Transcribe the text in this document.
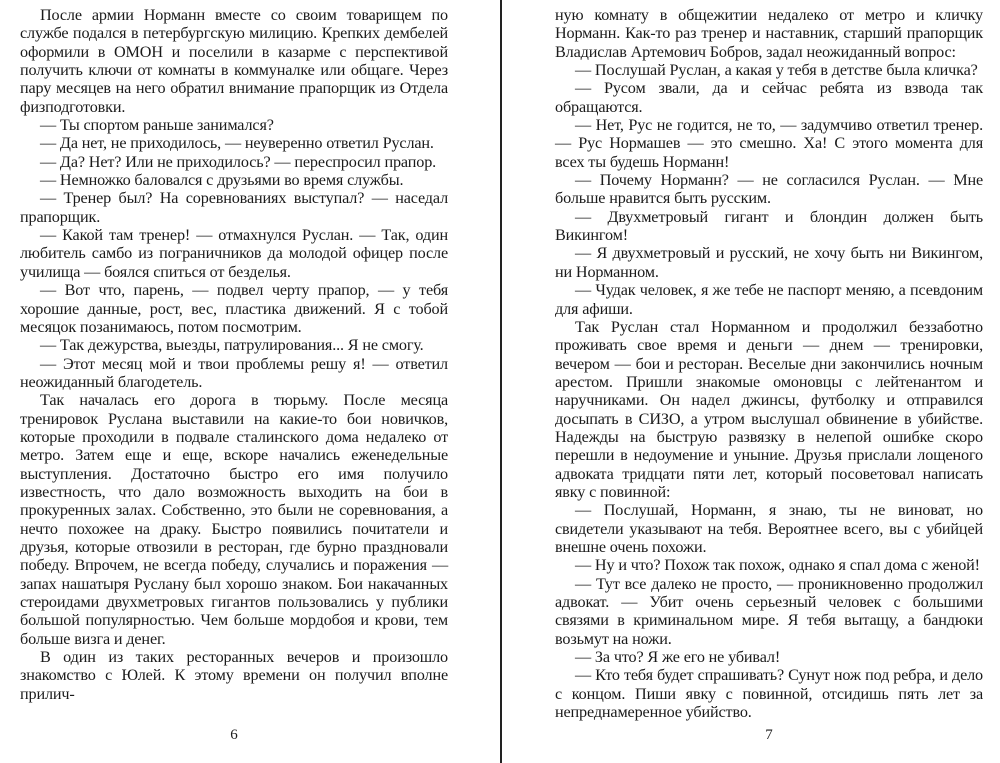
После армии Норманн вместе со своим товарищем по службе подался в петербургскую милицию. Крепких дембелей оформили в ОМОН и поселили в казарме с перспективой получить ключи от комнаты в коммуналке или общаге. Через пару месяцев на него обратил внимание прапорщик из Отдела физподготовки.

— Ты спортом раньше занимался?

— Да нет, не приходилось, — неуверенно ответил Руслан.

— Да? Нет? Или не приходилось? — переспросил прапор.

— Немножко баловался с друзьями во время службы.

— Тренер был? На соревнованиях выступал? — наседал прапорщик.

— Какой там тренер! — отмахнулся Руслан. — Так, один любитель самбо из пограничников да молодой офицер после училища — боялся спиться от безделья.

— Вот что, парень, — подвел черту прапор, — у тебя хорошие данные, рост, вес, пластика движений. Я с тобой месяцок позанимаюсь, потом посмотрим.

— Так дежурства, выезды, патрулирования... Я не смогу.

— Этот месяц мой и твои проблемы решу я! — ответил неожиданный благодетель.

Так началась его дорога в тюрьму. После месяца тренировок Руслана выставили на какие-то бои новичков, которые проходили в подвале сталинского дома недалеко от метро. Затем еще и еще, вскоре начались еженедельные выступления. Достаточно быстро его имя получило известность, что дало возможность выходить на бои в прокуренных залах. Собственно, это были не соревнования, а нечто похожее на драку. Быстро появились почитатели и друзья, которые отвозили в ресторан, где бурно праздновали победу. Впрочем, не всегда победу, случались и поражения — запах нашатыря Руслану был хорошо знаком. Бои накачанных стероидами двухметровых гигантов пользовались у публики большой популярностью. Чем больше мордобоя и крови, тем больше визга и денег.

В один из таких ресторанных вечеров и произошло знакомство с Юлей. К этому времени он получил вполне прилич-

6

ную комнату в общежитии недалеко от метро и кличку Норманн. Как-то раз тренер и наставник, старший прапорщик Владислав Артемович Бобров, задал неожиданный вопрос:

— Послушай Руслан, а какая у тебя в детстве была кличка?

— Русом звали, да и сейчас ребята из взвода так обращаются.

— Нет, Рус не годится, не то, — задумчиво ответил тренер. — Рус Нормашев — это смешно. Ха! С этого момента для всех ты будешь Норманн!

— Почему Норманн? — не согласился Руслан. — Мне больше нравится быть русским.

— Двухметровый гигант и блондин должен быть Викингом!

— Я двухметровый и русский, не хочу быть ни Викингом, ни Норманном.

— Чудак человек, я же тебе не паспорт меняю, а псевдоним для афиши.

Так Руслан стал Норманном и продолжил беззаботно проживать свое время и деньги — днем — тренировки, вечером — бои и ресторан. Веселые дни закончились ночным арестом. Пришли знакомые омоновцы с лейтенантом и наручниками. Он надел джинсы, футболку и отправился досыпать в СИЗО, а утром выслушал обвинение в убийстве. Надежды на быструю развязку в нелепой ошибке скоро перешли в недоумение и уныние. Друзья прислали лощеного адвоката тридцати пяти лет, который посоветовал написать явку с повинной:

— Послушай, Норманн, я знаю, ты не виноват, но свидетели указывают на тебя. Вероятнее всего, вы с убийцей внешне очень похожи.

— Ну и что? Похож так похож, однако я спал дома с женой!

— Тут все далеко не просто, — проникновенно продолжил адвокат. — Убит очень серьезный человек с большими связями в криминальном мире. Я тебя вытащу, а бандюки возьмут на ножи.

— За что? Я же его не убивал!

— Кто тебя будет спрашивать? Сунут нож под ребра, и дело с концом. Пиши явку с повинной, отсидишь пять лет за непреднамеренное убийство.

7
